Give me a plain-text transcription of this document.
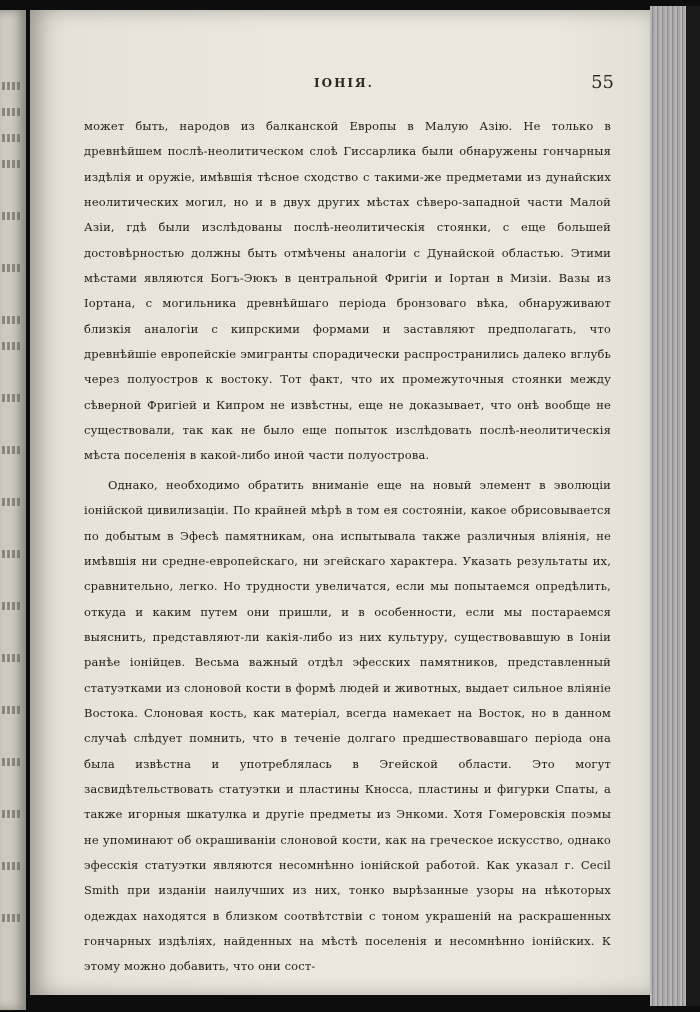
ІОНІЯ.	55

может быть, народов из балканской Европы в Малую Азію. Не только в древнѣйшем послѣ-неолитическом слоѣ Гиссарлика были обнаружены гончарныя издѣлія и оружіе, имѣвшія тѣсное сходство с такими-же предметами из дунайских неолитических могил, но и в двух других мѣстах сѣверо-западной части Малой Азіи, гдѣ были изслѣдованы послѣ-неолитическія стоянки, с еще большей достовѣрностью должны быть отмѣчены аналогіи с Дунайской областью. Этими мѣстами являются Богъ-Эюкъ в центральной Фригіи и Іортан в Мизіи. Вазы из Іортана, с могильника древнѣйшаго періода бронзоваго вѣка, обнаруживают близкія аналогіи с кипрскими формами и заставляют предполагать, что древнѣйшіе европейскіе эмигранты спорадически распространились далеко вглубь через полуостров к востоку. Тот факт, что их промежуточныя стоянки между сѣверной Фригіей и Кипром не извѣстны, еще не доказывает, что онѣ вообще не существовали, так как не было еще попыток изслѣдовать послѣ-неолитическія мѣста поселенія в какой-либо иной части полуострова.

Однако, необходимо обратить вниманіе еще на новый элемент в эволюціи іонійской цивилизаціи. По крайней мѣрѣ в том ея состояніи, какое обрисовывается по добытым в Эфесѣ памятникам, она испытывала также различныя вліянія, не имѣвшія ни средне-европейскаго, ни эгейскаго характера. Указать результаты их, сравнительно, легко. Но трудности увеличатся, если мы попытаемся опредѣлить, откуда и каким путем они пришли, и в особенности, если мы постараемся выяснить, представляют-ли какія-либо из них культуру, существовавшую в Іоніи ранѣе іонійцев. Весьма важный отдѣл эфесских памятников, представленный статуэтками из слоновой кости в формѣ людей и животных, выдает сильное вліяніе Востока. Слоновая кость, как матеріал, всегда намекает на Восток, но в данном случаѣ слѣдует помнить, что в теченіе долгаго предшествовавшаго періода она была извѣстна и употреблялась в Эгейской области. Это могут засвидѣтельствовать статуэтки и пластины Кносса, пластины и фигурки Спаты, а также игорныя шкатулка и другіе предметы из Энкоми. Хотя Гомеровскія поэмы не упоминают об окрашиваніи слоновой кости, как на греческое искусство, однако эфесскія статуэтки являются несомнѣнно іонійской работой. Как указал г. Cecil Smith при изданіи наилучших из них, тонко вырѣзанные узоры на нѣкоторых одеждах находятся в близком соотвѣтствіи с тоном украшеній на раскрашенных гончарных издѣліях, найденных на мѣстѣ поселенія и несомнѣнно іонійских. К этому можно добавить, что они сост-
